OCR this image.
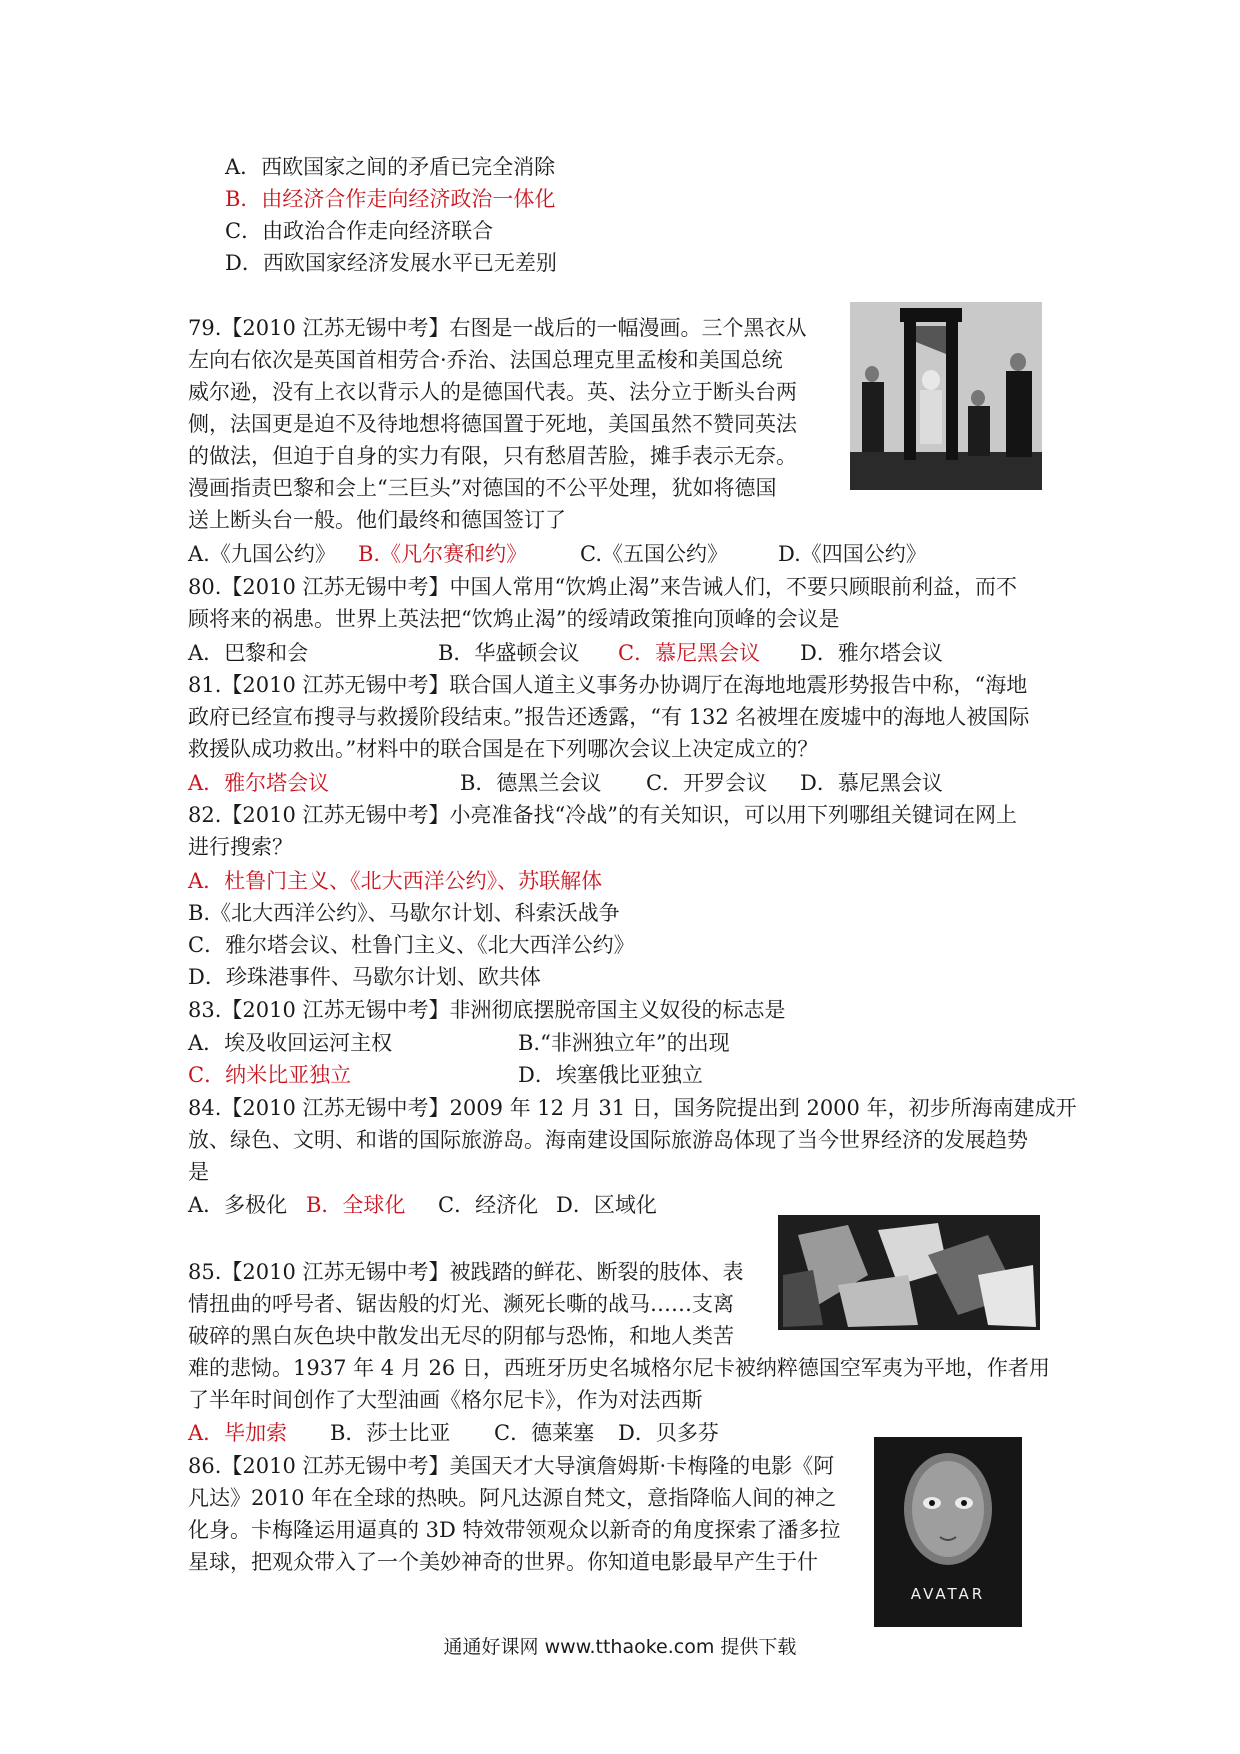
A．西欧国家之间的矛盾已完全消除
B．由经济合作走向经济政治一体化
C．由政治合作走向经济联合
D．西欧国家经济发展水平已无差别
79.【2010 江苏无锡中考】右图是一战后的一幅漫画。三个黑衣从
左向右依次是英国首相劳合·乔治、法国总理克里孟梭和美国总统
威尔逊，没有上衣以背示人的是德国代表。英、法分立于断头台两
侧，法国更是迫不及待地想将德国置于死地，美国虽然不赞同英法
的做法，但迫于自身的实力有限，只有愁眉苦脸，摊手表示无奈。
漫画指责巴黎和会上“三巨头”对德国的不公平处理，犹如将德国
送上断头台一般。他们最终和德国签订了
A.《九国公约》 B.《凡尔赛和约》	C.《五国公约》 D.《四国公约》
80.【2010 江苏无锡中考】中国人常用“饮鸩止渴”来告诫人们，不要只顾眼前利益，而不
顾将来的祸患。世界上英法把“饮鸩止渴”的绥靖政策推向顶峰的会议是
A．巴黎和会	B．华盛顿会议 C．慕尼黑会议 D．雅尔塔会议
81.【2010 江苏无锡中考】联合国人道主义事务办协调厅在海地地震形势报告中称，“海地
政府已经宣布搜寻与救援阶段结束。”报告还透露，“有 132 名被埋在废墟中的海地人被国际
救援队成功救出。”材料中的联合国是在下列哪次会议上决定成立的？
A．雅尔塔会议	B．德黑兰会议 C．开罗会议 D．慕尼黑会议
82.【2010 江苏无锡中考】小亮准备找“冷战”的有关知识，可以用下列哪组关键词在网上
进行搜索？
A．杜鲁门主义、《北大西洋公约》、苏联解体
B.《北大西洋公约》、马歇尔计划、科索沃战争
C．雅尔塔会议、杜鲁门主义、《北大西洋公约》
D．珍珠港事件、马歇尔计划、欧共体
83.【2010 江苏无锡中考】非洲彻底摆脱帝国主义奴役的标志是
A．埃及收回运河主权	B.“非洲独立年”的出现
C．纳米比亚独立	D．埃塞俄比亚独立
84.【2010 江苏无锡中考】2009 年 12 月 31 日，国务院提出到 2000 年，初步所海南建成开
放、绿色、文明、和谐的国际旅游岛。海南建设国际旅游岛体现了当今世界经济的发展趋势
是
A．多极化 B．全球化 C．经济化 D．区域化
85.【2010 江苏无锡中考】被践踏的鲜花、断裂的肢体、表
情扭曲的呼号者、锯齿般的灯光、濒死长嘶的战马……支离
破碎的黑白灰色块中散发出无尽的阴郁与恐怖，和地人类苦
难的悲恸。1937 年 4 月 26 日，西班牙历史名城格尔尼卡被纳粹德国空军夷为平地，作者用
了半年时间创作了大型油画《格尔尼卡》，作为对法西斯
A．毕加索 B．莎士比亚 C．德莱塞 D．贝多芬
86.【2010 江苏无锡中考】美国天才大导演詹姆斯·卡梅隆的电影《阿
凡达》2010 年在全球的热映。阿凡达源自梵文，意指降临人间的神之
化身。卡梅隆运用逼真的 3D 特效带领观众以新奇的角度探索了潘多拉
星球，把观众带入了一个美妙神奇的世界。你知道电影最早产生于什
AVATAR
通通好课网 www.tthaoke.com 提供下载
